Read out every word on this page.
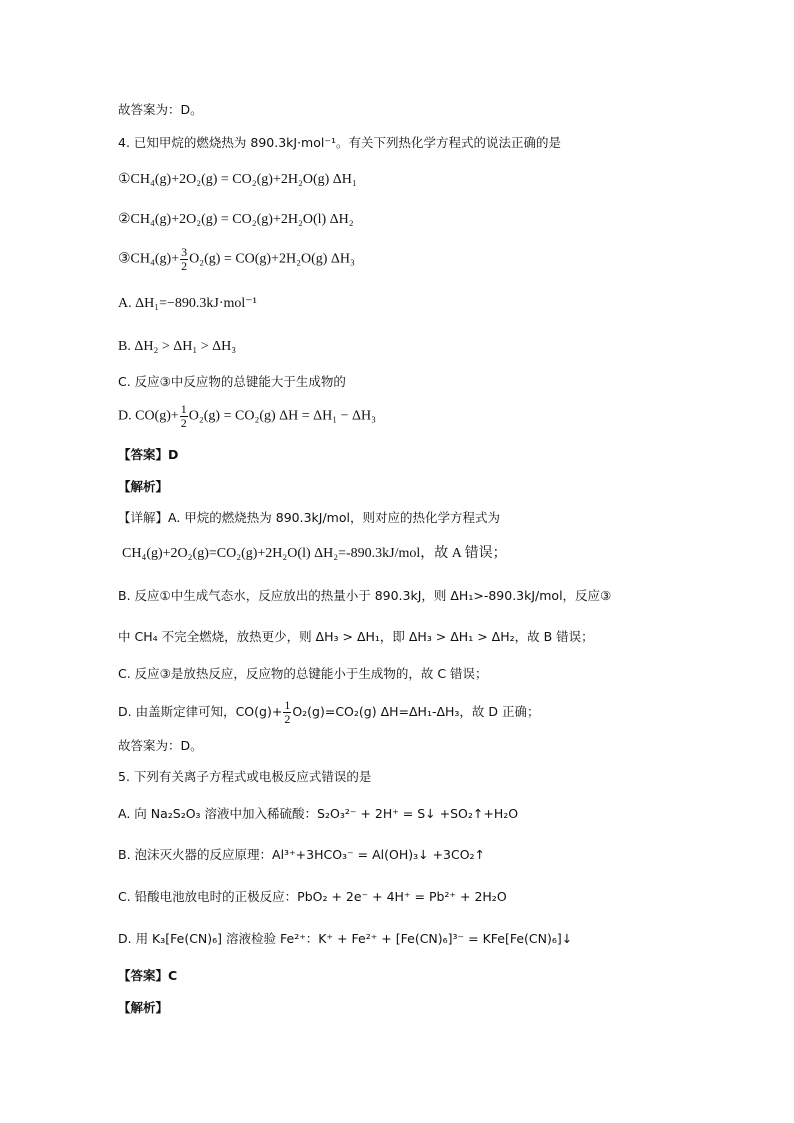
故答案为：D。
4. 已知甲烷的燃烧热为 890.3kJ·mol⁻¹。有关下列热化学方程式的说法正确的是
①CH₄(g)+2O₂(g) = CO₂(g)+2H₂O(g) ΔH₁
②CH₄(g)+2O₂(g) = CO₂(g)+2H₂O(l) ΔH₂
③CH₄(g)+ $\frac{3}{2} O_2(g) = CO(g)+2H_2O(g)$ ΔH₃
A. ΔH₁=−890.3kJ·mol⁻¹
B. ΔH₂ > ΔH₁ > ΔH₃
C. 反应③中反应物的总键能大于生成物的
D. $CO(g)+ \frac{1}{2} O_2(g) = CO_2(g) \Delta H = \Delta H_1 - \Delta H_3$
【答案】D
【解析】
【详解】A. 甲烷的燃烧热为 890.3kJ/mol，则对应的热化学方程式为
CH₄(g)+2O₂(g)=CO₂(g)+2H₂O(l) ΔH₂=-890.3kJ/mol，故 A 错误；
B. 反应①中生成气态水，反应放出的热量小于 890.3kJ，则 ΔH₁>-890.3kJ/mol，反应③
中 CH₄ 不完全燃烧，放热更少，则 ΔH₃ > ΔH₁，即 ΔH₃ > ΔH₁ > ΔH₂，故 B 错误；
C. 反应③是放热反应，反应物的总键能小于生成物的，故 C 错误；
D. 由盖斯定律可知，$CO(g)+ \frac{1}{2} O_2(g)=CO_2(g)$ ΔH=ΔH₁-ΔH₃，故 D 正确；
故答案为：D。
5. 下列有关离子方程式或电极反应式错误的是
A. 向 Na₂S₂O₃ 溶液中加入稀硫酸：S₂O₃²⁻ + 2H⁺ = S↓ +SO₂↑+H₂O
B. 泡沫灭火器的反应原理：Al³⁺+3HCO₃⁻ = Al(OH)₃↓ +3CO₂↑
C. 铅酸电池放电时的正极反应：PbO₂ + 2e⁻ + 4H⁺ = Pb²⁺ + 2H₂O
D. 用 K₃[Fe(CN)₆] 溶液检验 Fe²⁺：K⁺ + Fe²⁺ + [Fe(CN)₆]³⁻ = KFe[Fe(CN)₆]↓
【答案】C
【解析】
